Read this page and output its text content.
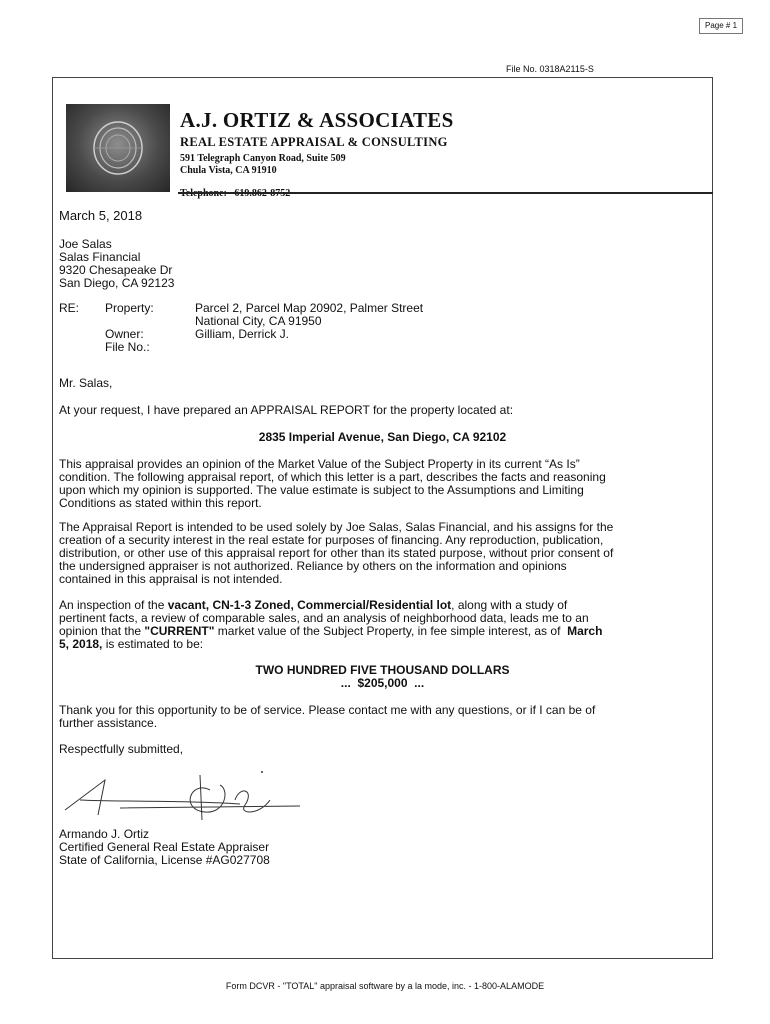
Page # 1
File No. 0318A2115-S
A.J. ORTIZ & ASSOCIATES
REAL ESTATE APPRAISAL & CONSULTING
591 Telegraph Canyon Road, Suite 509
Chula Vista, CA 91910
Telephone:   619.862-8752
March 5, 2018
Joe Salas
Salas Financial
9320 Chesapeake Dr
San Diego, CA 92123
RE: Property:	Parcel 2, Parcel Map 20902, Palmer Street
National City, CA 91950
Owner:	Gilliam, Derrick J.
File No.:
Mr. Salas,
At your request, I have prepared an APPRAISAL REPORT for the property located at:
2835 Imperial Avenue, San Diego, CA 92102
This appraisal provides an opinion of the Market Value of the Subject Property in its current “As Is”
condition. The following appraisal report, of which this letter is a part, describes the facts and reasoning
upon which my opinion is supported. The value estimate is subject to the Assumptions and Limiting
Conditions as stated within this report.
The Appraisal Report is intended to be used solely by Joe Salas, Salas Financial, and his assigns for the
creation of a security interest in the real estate for purposes of financing. Any reproduction, publication,
distribution, or other use of this appraisal report for other than its stated purpose, without prior consent of
the undersigned appraiser is not authorized. Reliance by others on the information and opinions
contained in this appraisal is not intended.
An inspection of the vacant, CN-1-3 Zoned, Commercial/Residential lot, along with a study of
pertinent facts, a review of comparable sales, and an analysis of neighborhood data, leads me to an
opinion that the "CURRENT" market value of the Subject Property, in fee simple interest, as of  March
5, 2018, is estimated to be:
TWO HUNDRED FIVE THOUSAND DOLLARS
...  $205,000  ...
Thank you for this opportunity to be of service. Please contact me with any questions, or if I can be of
further assistance.
Respectfully submitted,
Armando J. Ortiz
Certified General Real Estate Appraiser
State of California, License #AG027708
Form DCVR - "TOTAL" appraisal software by a la mode, inc. - 1-800-ALAMODE
